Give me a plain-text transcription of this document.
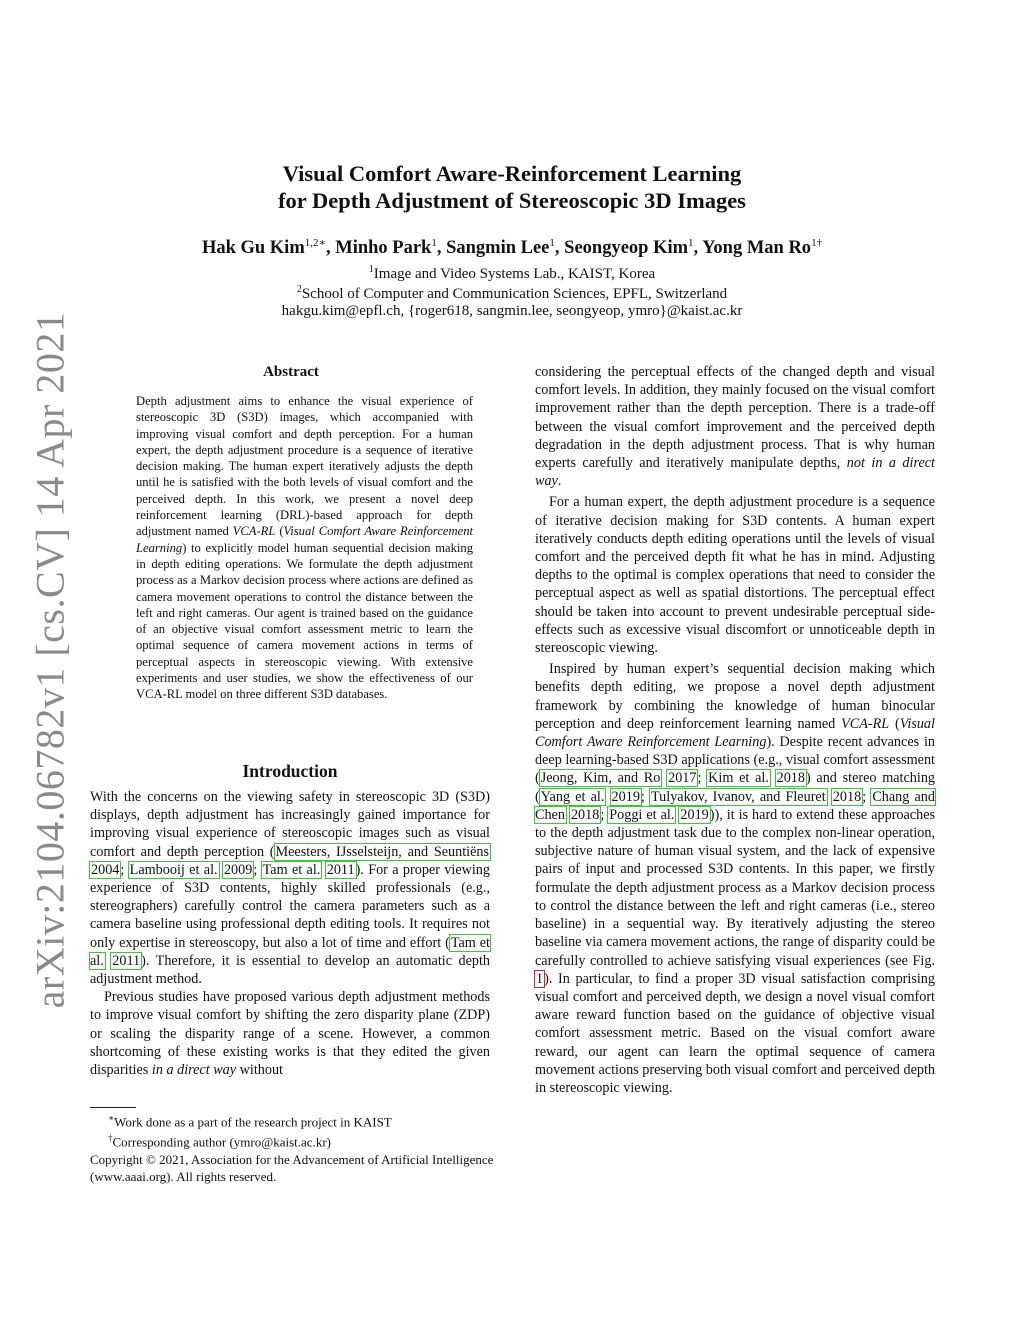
arXiv:2104.06782v1 [cs.CV] 14 Apr 2021
Visual Comfort Aware-Reinforcement Learning
for Depth Adjustment of Stereoscopic 3D Images
Hak Gu Kim$^{1,2∗}$, Minho Park$^1$, Sangmin Lee$^1$, Seongyeop Kim$^1$, Yong Man $Ro^{1\dagger}$
$^1$Image and Video Systems Lab., KAIST, Korea
$^2$School of Computer and Communication Sciences, EPFL, Switzerland
hakgu.kim@epfl.ch, {roger618, sangmin.lee, seongyeop, ymro}@kaist.ac.kr
Abstract
Depth adjustment aims to enhance the visual experience of stereoscopic 3D (S3D) images, which accompanied with improving visual comfort and depth perception. For a human expert, the depth adjustment procedure is a sequence of iterative decision making. The human expert iteratively adjusts the depth until he is satisfied with the both levels of visual comfort and the perceived depth. In this work, we present a novel deep reinforcement learning (DRL)-based approach for depth adjustment named VCA-RL (Visual Comfort Aware Reinforcement Learning) to explicitly model human sequential decision making in depth editing operations. We formulate the depth adjustment process as a Markov decision process where actions are defined as camera movement operations to control the distance between the left and right cameras. Our agent is trained based on the guidance of an objective visual comfort assessment metric to learn the optimal sequence of camera movement actions in terms of perceptual aspects in stereoscopic viewing. With extensive experiments and user studies, we show the effectiveness of our VCA-RL model on three different S3D databases.
Introduction

With the concerns on the viewing safety in stereoscopic 3D (S3D) displays, depth adjustment has increasingly gained importance for improving visual experience of stereoscopic images such as visual comfort and depth perception (Meesters, IJsselsteijn, and Seuntiëns 2004; Lambooij et al. 2009; Tam et al. 2011). For a proper viewing experience of S3D contents, highly skilled professionals (e.g., stereographers) carefully control the camera parameters such as a camera baseline using professional depth editing tools. It requires not only expertise in stereoscopy, but also a lot of time and effort (Tam et al. 2011). Therefore, it is essential to develop an automatic depth adjustment method.

Previous studies have proposed various depth adjustment methods to improve visual comfort by shifting the zero disparity plane (ZDP) or scaling the disparity range of a scene. However, a common shortcoming of these existing works is that they edited the given disparities in a direct way without

considering the perceptual effects of the changed depth and visual comfort levels. In addition, they mainly focused on the visual comfort improvement rather than the depth perception. There is a trade-off between the visual comfort improvement and the perceived depth degradation in the depth adjustment process. That is why human experts carefully and iteratively manipulate depths, not in a direct way.

For a human expert, the depth adjustment procedure is a sequence of iterative decision making for S3D contents. A human expert iteratively conducts depth editing operations until the levels of visual comfort and the perceived depth fit what he has in mind. Adjusting depths to the optimal is complex operations that need to consider the perceptual aspect as well as spatial distortions. The perceptual effect should be taken into account to prevent undesirable perceptual side-effects such as excessive visual discomfort or unnoticeable depth in stereoscopic viewing.

Inspired by human expert’s sequential decision making which benefits depth editing, we propose a novel depth adjustment framework by combining the knowledge of human binocular perception and deep reinforcement learning named VCA-RL (Visual Comfort Aware Reinforcement Learning). Despite recent advances in deep learning-based S3D applications (e.g., visual comfort assessment (Jeong, Kim, and Ro 2017; Kim et al. 2018) and stereo matching (Yang et al. 2019; Tulyakov, Ivanov, and Fleuret 2018; Chang and Chen 2018; Poggi et al. 2019)), it is hard to extend these approaches to the depth adjustment task due to the complex non-linear operation, subjective nature of human visual system, and the lack of expensive pairs of input and processed S3D contents. In this paper, we firstly formulate the depth adjustment process as a Markov decision process to control the distance between the left and right cameras (i.e., stereo baseline) in a sequential way. By iteratively adjusting the stereo baseline via camera movement actions, the range of disparity could be carefully controlled to achieve satisfying visual experiences (see Fig. 1). In particular, to find a proper 3D visual satisfaction comprising visual comfort and perceived depth, we design a novel visual comfort aware reward function based on the guidance of objective visual comfort assessment metric. Based on the visual comfort aware reward, our agent can learn the optimal sequence of camera movement actions preserving both visual comfort and perceived depth in stereoscopic viewing.

∗Work done as a part of the research project in KAIST
†Corresponding author (ymro@kaist.ac.kr)
Copyright © 2021, Association for the Advancement of Artificial Intelligence (www.aaai.org). All rights reserved.
